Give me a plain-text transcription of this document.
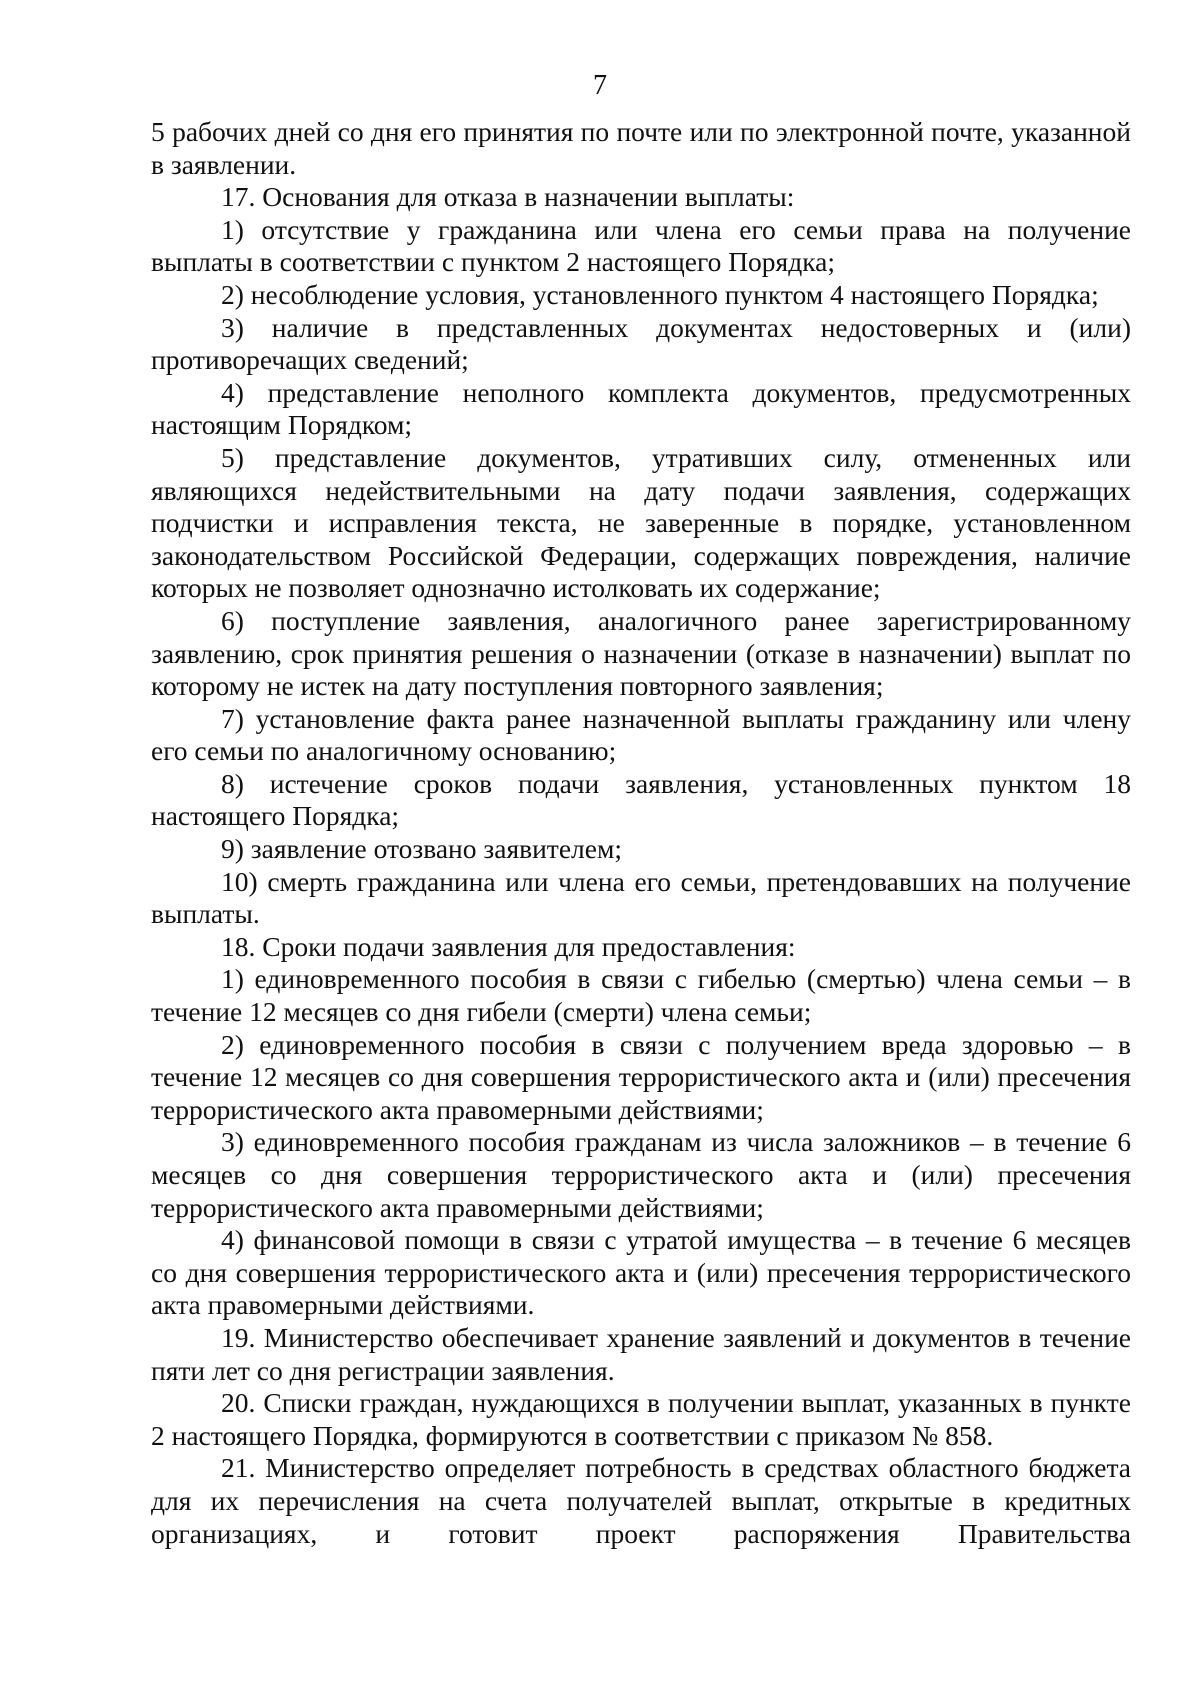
7

5 рабочих дней со дня его принятия по почте или по электронной почте, указанной в заявлении.

17. Основания для отказа в назначении выплаты:

1) отсутствие у гражданина или члена его семьи права на получение выплаты в соответствии с пунктом 2 настоящего Порядка;

2) несоблюдение условия, установленного пунктом 4 настоящего Порядка;

3) наличие в представленных документах недостоверных и (или) противоречащих сведений;

4) представление неполного комплекта документов, предусмотренных настоящим Порядком;

5) представление документов, утративших силу, отмененных или являющихся недействительными на дату подачи заявления, содержащих подчистки и исправления текста, не заверенные в порядке, установленном законодательством Российской Федерации, содержащих повреждения, наличие которых не позволяет однозначно истолковать их содержание;

6) поступление заявления, аналогичного ранее зарегистрированному заявлению, срок принятия решения о назначении (отказе в назначении) выплат по которому не истек на дату поступления повторного заявления;

7) установление факта ранее назначенной выплаты гражданину или члену его семьи по аналогичному основанию;

8) истечение сроков подачи заявления, установленных пунктом 18 настоящего Порядка;

9) заявление отозвано заявителем;

10) смерть гражданина или члена его семьи, претендовавших на получение выплаты.

18. Сроки подачи заявления для предоставления:

1) единовременного пособия в связи с гибелью (смертью) члена семьи – в течение 12 месяцев со дня гибели (смерти) члена семьи;

2) единовременного пособия в связи с получением вреда здоровью – в течение 12 месяцев со дня совершения террористического акта и (или) пресечения террористического акта правомерными действиями;

3) единовременного пособия гражданам из числа заложников – в течение 6 месяцев со дня совершения террористического акта и (или) пресечения террористического акта правомерными действиями;

4) финансовой помощи в связи с утратой имущества – в течение 6 месяцев со дня совершения террористического акта и (или) пресечения террористического акта правомерными действиями.

19. Министерство обеспечивает хранение заявлений и документов в течение пяти лет со дня регистрации заявления.

20. Списки граждан, нуждающихся в получении выплат, указанных в пункте 2 настоящего Порядка, формируются в соответствии с приказом № 858.

21. Министерство определяет потребность в средствах областного бюджета для их перечисления на счета получателей выплат, открытые в кредитных организациях, и готовит проект распоряжения Правительства
